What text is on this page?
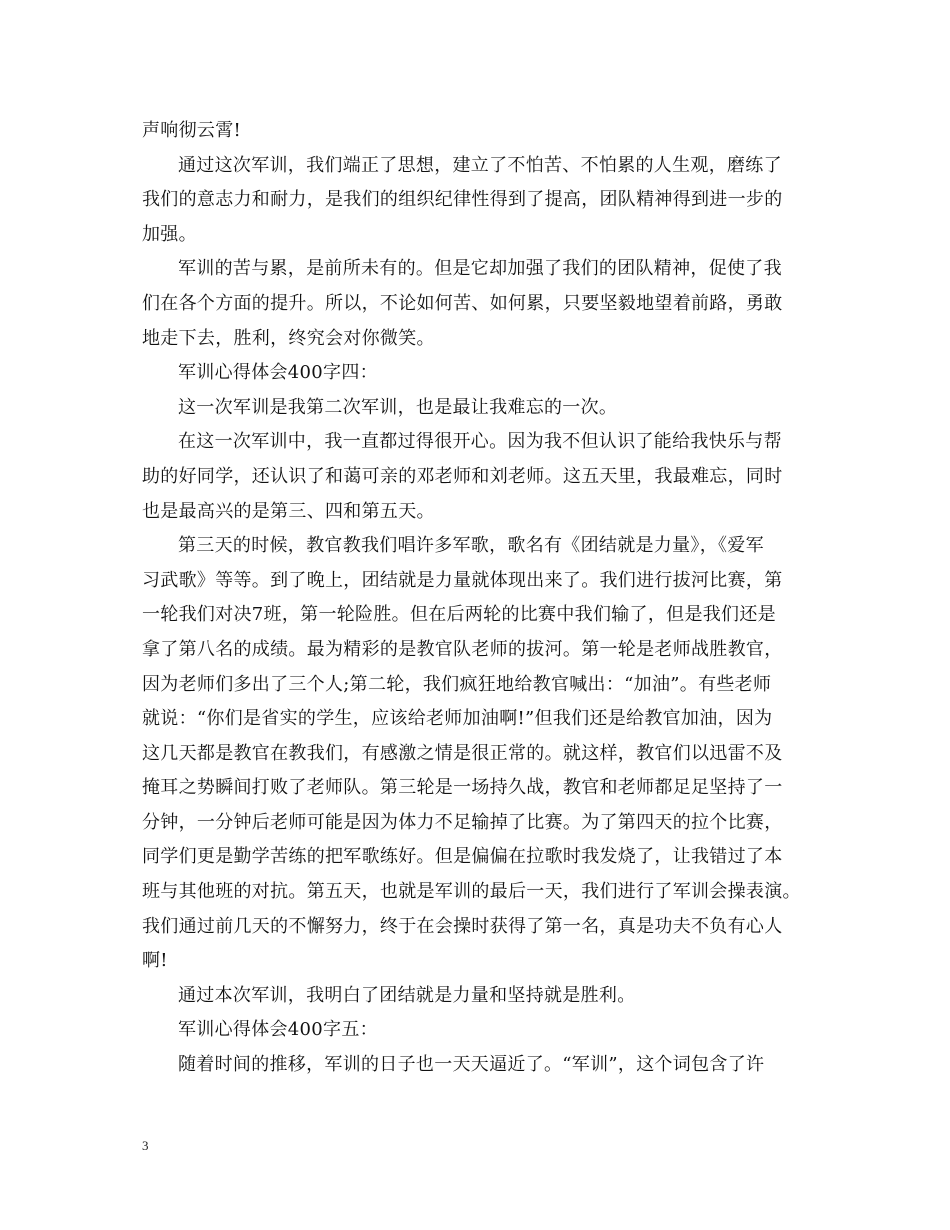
声响彻云霄!
通过这次军训，我们端正了思想，建立了不怕苦、不怕累的人生观，磨练了
我们的意志力和耐力，是我们的组织纪律性得到了提高，团队精神得到进一步的
加强。
军训的苦与累，是前所未有的。但是它却加强了我们的团队精神，促使了我
们在各个方面的提升。所以，不论如何苦、如何累，只要坚毅地望着前路，勇敢
地走下去，胜利，终究会对你微笑。
军训心得体会400字四：
这一次军训是我第二次军训，也是最让我难忘的一次。
在这一次军训中，我一直都过得很开心。因为我不但认识了能给我快乐与帮
助的好同学，还认识了和蔼可亲的邓老师和刘老师。这五天里，我最难忘，同时
也是最高兴的是第三、四和第五天。
第三天的时候，教官教我们唱许多军歌，歌名有《团结就是力量》，《爱军
习武歌》等等。到了晚上，团结就是力量就体现出来了。我们进行拔河比赛，第
一轮我们对决7班，第一轮险胜。但在后两轮的比赛中我们输了，但是我们还是
拿了第八名的成绩。最为精彩的是教官队老师的拔河。第一轮是老师战胜教官，
因为老师们多出了三个人;第二轮，我们疯狂地给教官喊出：“加油”。有些老师
就说：“你们是省实的学生，应该给老师加油啊!”但我们还是给教官加油，因为
这几天都是教官在教我们，有感激之情是很正常的。就这样，教官们以迅雷不及
掩耳之势瞬间打败了老师队。第三轮是一场持久战，教官和老师都足足坚持了一
分钟，一分钟后老师可能是因为体力不足输掉了比赛。为了第四天的拉个比赛，
同学们更是勤学苦练的把军歌练好。但是偏偏在拉歌时我发烧了，让我错过了本
班与其他班的对抗。第五天，也就是军训的最后一天，我们进行了军训会操表演。
我们通过前几天的不懈努力，终于在会操时获得了第一名，真是功夫不负有心人
啊!
通过本次军训，我明白了团结就是力量和坚持就是胜利。
军训心得体会400字五：
随着时间的推移，军训的日子也一天天逼近了。“军训”，这个词包含了许
3
